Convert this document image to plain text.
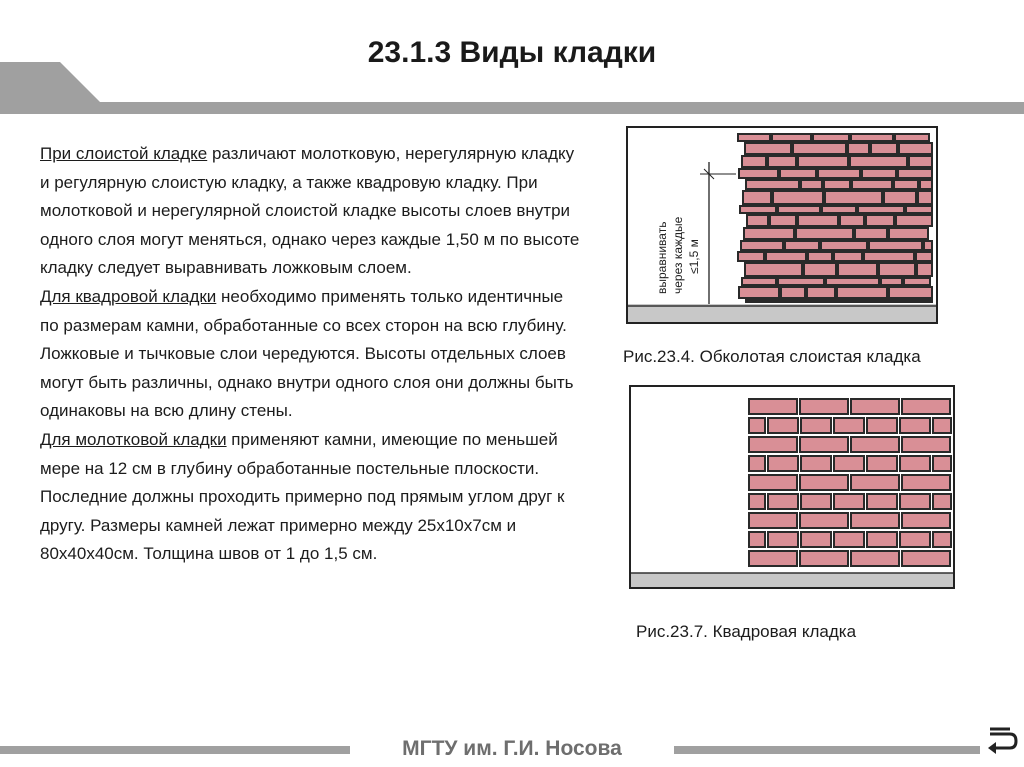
23.1.3 Виды кладки

При слоистой кладке различают молотковую, нерегулярную кладку и регулярную слоистую кладку, а также квадровую кладку. При молотковой и нерегулярной слоистой кладке высоты слоев внутри одного слоя могут меняться, однако через каждые 1,50 м по высоте кладку следует выравнивать ложковым слоем.

Для квадровой кладки необходимо применять только идентичные по размерам камни, обработанные со всех сторон на всю глубину. Ложковые и тычковые слои чередуются. Высоты отдельных слоев могут быть различны, однако внутри одного слоя они должны быть одинаковы на всю длину стены.

Для молотковой кладки применяют камни, имеющие по меньшей мере на 12 см в глубину обработанные постельные плоскости. Последние должны проходить примерно под прямым углом друг к другу. Размеры камней лежат примерно между 25х10х7см и 80х40х40см. Толщина швов от 1 до 1,5 см.

выравнивать через каждые ≤1,5 м
Рис.23.4. Обколотая слоистая кладка
Рис.23.7. Квадровая кладка
МГТУ им. Г.И. Носова
